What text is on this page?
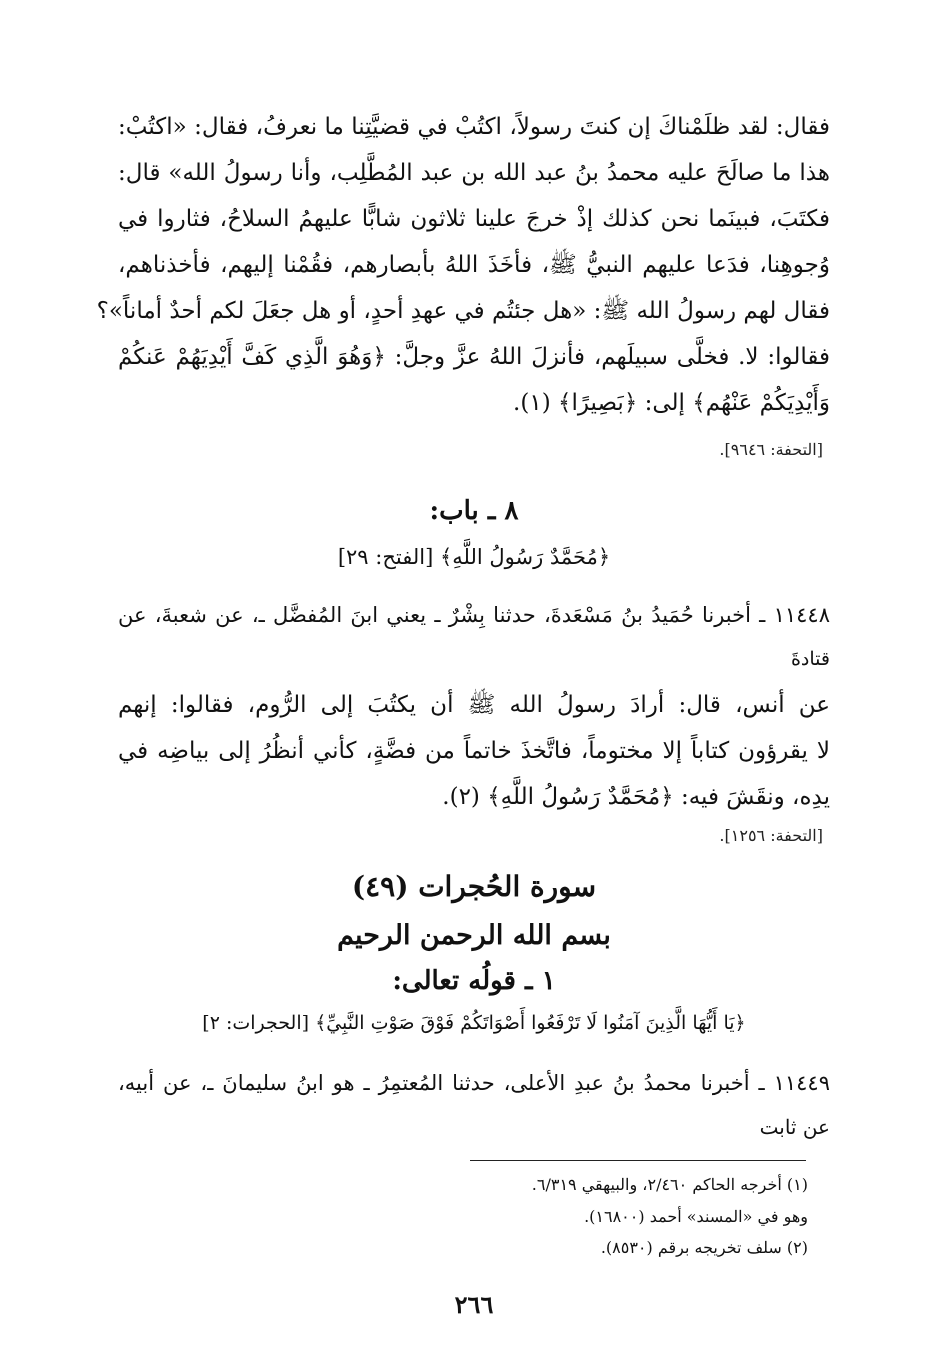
فقال: لقد ظلَمْناكَ إن كنتَ رسولاً، اكتُبْ في قضيَّتِنا ما نعرفُ، فقال: «اكتُبْ:
هذا ما صالَحَ عليه محمدُ بنُ عبد الله بن عبد المُطَّلِب، وأنا رسولُ الله» قال:
فكتَبَ، فبينَما نحن كذلك إذْ خرجَ علينا ثلاثون شابًّا عليهمُ السلاحُ، فثاروا في
وُجوهِنا، فدَعا عليهم النبيُّ ﷺ، فأخَذَ اللهُ بأبصارهم، فقُمْنا إليهم، فأخذناهم،
فقال لهم رسولُ الله ﷺ: «هل جئتُم في عهدِ أحدٍ، أو هل جعَلَ لكم أحدٌ أماناً»؟
فقالوا: لا. فخلَّى سبيلَهم، فأنزلَ اللهُ عزَّ وجلَّ: ﴿وَهُوَ الَّذِي كَفَّ أَيْدِيَهُمْ عَنكُمْ
وَأَيْدِيَكُمْ عَنْهُم﴾ إلى: ﴿بَصِيرًا﴾ (١).
[التحفة: ٩٦٤٦].
٨ ـ باب:
﴿مُحَمَّدٌ رَسُولُ اللَّهِ﴾ [الفتح: ٢٩]
١١٤٤٨ ـ أخبرنا حُمَيدُ بنُ مَسْعَدةَ، حدثنا بِشْرٌ ـ يعني ابنَ المُفضَّل ـ، عن شعبةَ، عن
قتادةَ
عن أنس، قال: أرادَ رسولُ الله ﷺ أن يكتُبَ إلى الرُّوم، فقالوا: إنهم
لا يقرؤون كتاباً إلا مختوماً، فاتَّخذَ خاتماً من فضَّةٍ، كأني أنظُرُ إلى بياضِه في
يدِه، ونقَشَ فيه: ﴿مُحَمَّدٌ رَسُولُ اللَّهِ﴾ (٢).
[التحفة: ١٢٥٦].
سورة الحُجرات (٤٩)
بسم الله الرحمن الرحيم
١ ـ قولُه تعالى:
﴿يَا أَيُّهَا الَّذِينَ آمَنُوا لَا تَرْفَعُوا أَصْوَاتَكُمْ فَوْقَ صَوْتِ النَّبِيِّ﴾ [الحجرات: ٢]
١١٤٤٩ ـ أخبرنا محمدُ بنُ عبدِ الأعلى، حدثنا المُعتمِرُ ـ هو ابنُ سليمانَ ـ، عن أبيه،
عن ثابت
(١) أخرجه الحاكم ٢/٤٦٠، والبيهقي ٦/٣١٩.
وهو في «المسند» أحمد (١٦٨٠٠).
(٢) سلف تخريجه برقم (٨٥٣٠).
٢٦٦
